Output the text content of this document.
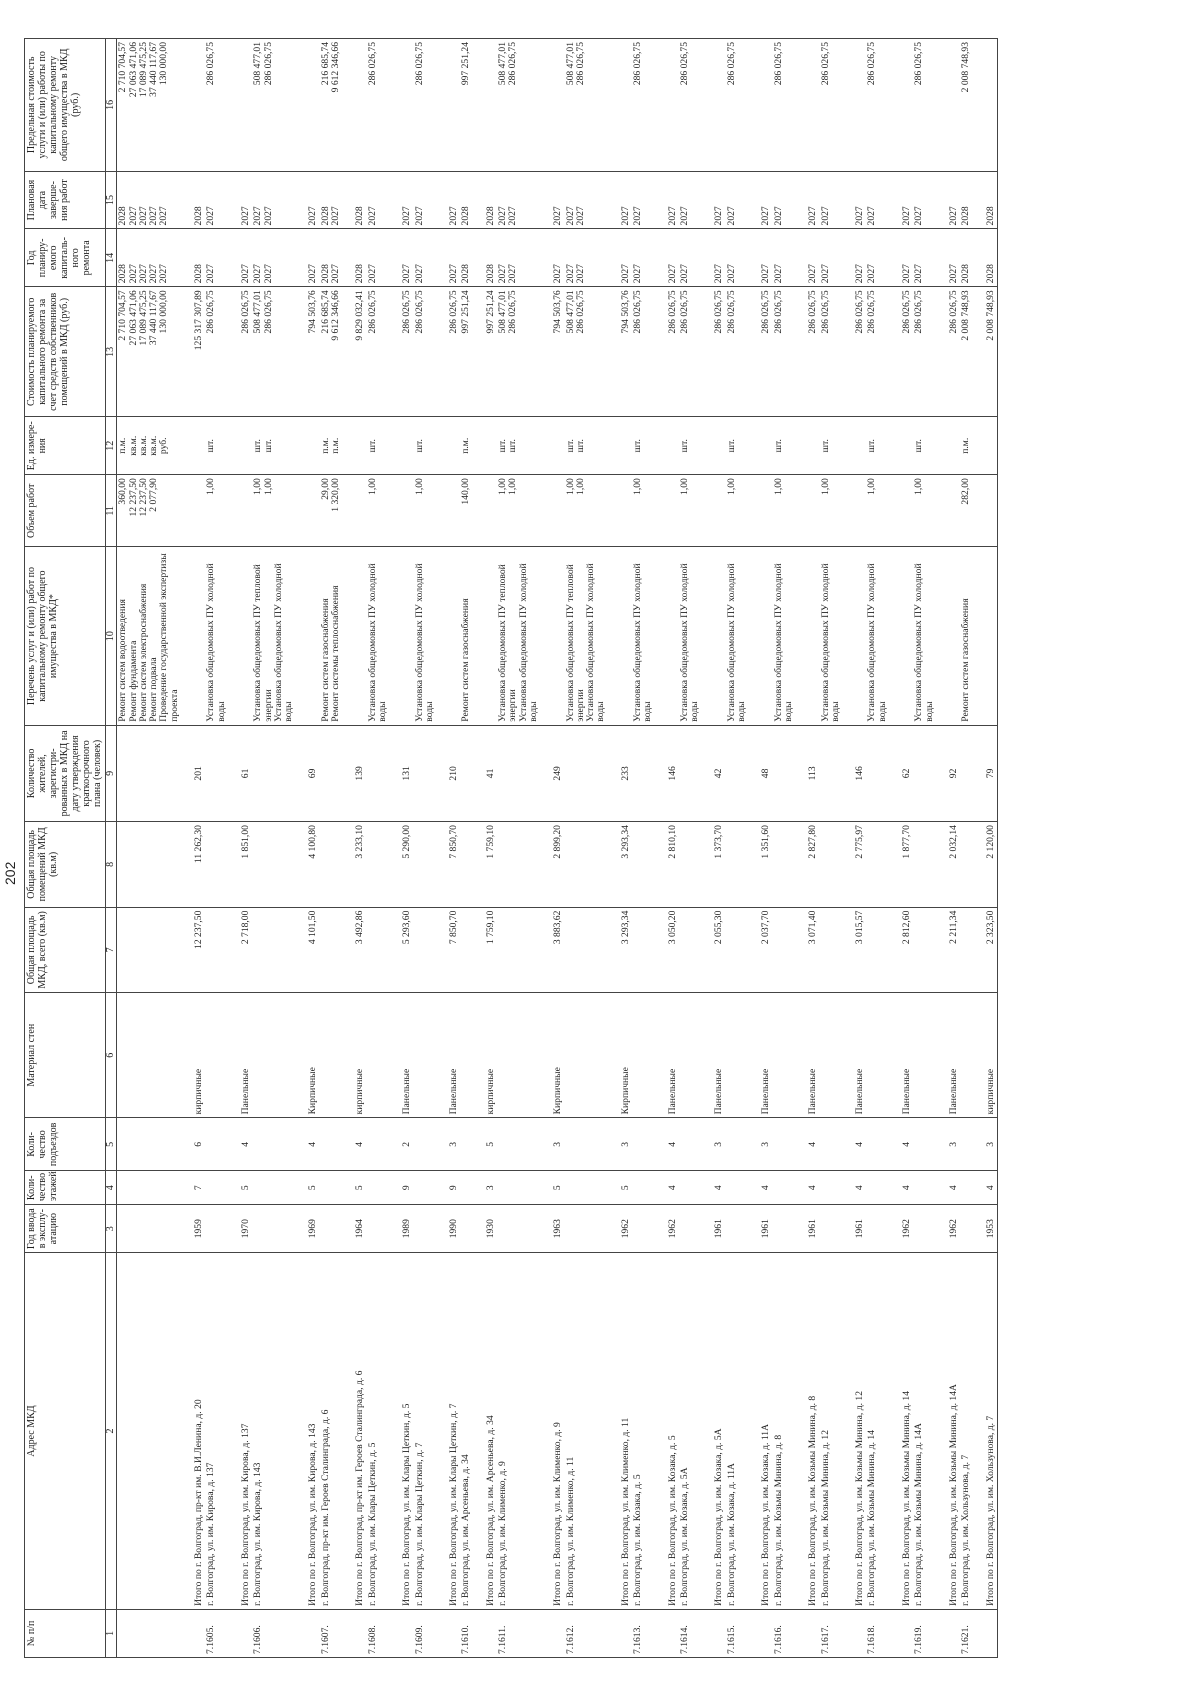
202
№ п/п	Адрес МКД	Год ввода в эксплу-атацию	Коли-чество этажей	Коли-чество подъездов	Материал стен	Общая площадь МКД, всего (кв.м)	Общая площадь помещений МКД (кв.м)	Количество жителей, зарегистри-рованных в МКД на дату утверждения краткосрочного плана (человек)	Перечень услуг и (или) работ по капитальному ремонту общего имущества в МКД*	Объем работ	Ед. измере-ния	Стоимость планируемого капитального ремонта за счет средств собственников помещений в МКД (руб.)	Год планиру-емого капиталь-ного ремонта	Плановая дата заверше-ния работ	Предельная стоимость услуги и (или) работы по капитальному ремонту общего имущества в МКД (руб.)
1	2	3	4	5	6	7	8	9	10	11	12	13	14	15	16

									Ремонт систем водоотведения Ремонт фундамента Ремонт систем электроснабжения Ремонт подвала Проведение государственной экспертизы проекта	360,00 12 237,50 12 237,50 2 077,90	п.м. кв.м. кв.м. кв.м. руб.	2 710 704,57 27 063 471,06 17 089 475,25 37 440 117,67 130 000,00	2028 2027 2027 2027 2027	2028 2027 2027 2027 2027	2 710 704,57 27 063 471,06 17 089 475,25 37 440 117,67 130 000,00

	Итого по г. Волгоград, пр-кт им. В.И.Ленина, д. 20	1959	7	6	кирпичные	12 237,50	11 262,30	201				125 317 307,89	2028	2028	

7.1605.	г. Волгоград, ул. им. Кирова, д. 137								Установка общедомовых ПУ холодной воды	1,00	шт.	286 026,75	2027	2027	286 026,75

	Итого по г. Волгоград, ул. им. Кирова, д. 137	1970	5	4	Панельные	2 718,00	1 851,00	61				286 026,75	2027	2027	

7.1606.	г. Волгоград, ул. им. Кирова, д. 143								Установка общедомовых ПУ тепловой энергии Установка общедомовых ПУ холодной воды	1,00 1,00	шт. шт.	508 477,01 286 026,75	2027 2027	2027 2027	508 477,01 286 026,75

	Итого по г. Волгоград, ул. им. Кирова, д. 143	1969	5	4	Кирпичные	4 101,50	4 100,80	69				794 503,76	2027	2027	

7.1607.	г. Волгоград, пр-кт им. Героев Сталинграда, д. 6								Ремонт систем газоснабжения Ремонт системы теплоснабжения	29,00 1 320,00	п.м. п.м.	216 685,74 9 612 346,66	2028 2027	2028 2027	216 685,74 9 612 346,66

	Итого по г. Волгоград, пр-кт им. Героев Сталинграда, д. 6	1964	5	4	кирпичные	3 492,86	3 233,10	139				9 829 032,41	2028	2028	

7.1608.	г. Волгоград, ул. им. Клары Цеткин, д. 5								Установка общедомовых ПУ холодной воды	1,00	шт.	286 026,75	2027	2027	286 026,75

	Итого по г. Волгоград, ул. им. Клары Цеткин, д. 5	1989	9	2	Панельные	5 293,60	5 290,00	131				286 026,75	2027	2027	

7.1609.	г. Волгоград, ул. им. Клары Цеткин, д. 7								Установка общедомовых ПУ холодной воды	1,00	шт.	286 026,75	2027	2027	286 026,75

	Итого по г. Волгоград, ул. им. Клары Цеткин, д. 7	1990	9	3	Панельные	7 850,70	7 850,70	210				286 026,75	2027	2027	

7.1610.	г. Волгоград, ул. им. Арсеньева, д. 34								Ремонт систем газоснабжения	140,00	п.м.	997 251,24	2028	2028	997 251,24

	Итого по г. Волгоград, ул. им. Арсеньева, д. 34	1930	3	5	кирпичные	1 759,10	1 759,10	41				997 251,24	2028	2028	

7.1611.	г. Волгоград, ул. им. Клименко, д. 9								Установка общедомовых ПУ тепловой энергии Установка общедомовых ПУ холодной воды	1,00 1,00	шт. шт.	508 477,01 286 026,75	2027 2027	2027 2027	508 477,01 286 026,75

	Итого по г. Волгоград, ул. им. Клименко, д. 9	1963	5	3	Кирпичные	3 883,62	2 899,20	249				794 503,76	2027	2027	

7.1612.	г. Волгоград, ул. им. Клименко, д. 11								Установка общедомовых ПУ тепловой энергии Установка общедомовых ПУ холодной воды	1,00 1,00	шт. шт.	508 477,01 286 026,75	2027 2027	2027 2027	508 477,01 286 026,75

	Итого по г. Волгоград, ул. им. Клименко, д. 11	1962	5	3	Кирпичные	3 293,34	3 293,34	233				794 503,76	2027	2027	

7.1613.	г. Волгоград, ул. им. Козака, д. 5								Установка общедомовых ПУ холодной воды	1,00	шт.	286 026,75	2027	2027	286 026,75

	Итого по г. Волгоград, ул. им. Козака, д. 5	1962	4	4	Панельные	3 050,20	2 810,10	146				286 026,75	2027	2027	

7.1614.	г. Волгоград, ул. им. Козака, д. 5А								Установка общедомовых ПУ холодной воды	1,00	шт.	286 026,75	2027	2027	286 026,75

	Итого по г. Волгоград, ул. им. Козака, д. 5А	1961	4	3	Панельные	2 055,30	1 373,70	42				286 026,75	2027	2027	

7.1615.	г. Волгоград, ул. им. Козака, д. 11А								Установка общедомовых ПУ холодной воды	1,00	шт.	286 026,75	2027	2027	286 026,75

	Итого по г. Волгоград, ул. им. Козака, д. 11А	1961	4	3	Панельные	2 037,70	1 351,60	48				286 026,75	2027	2027	

7.1616.	г. Волгоград, ул. им. Козьмы Минина, д. 8								Установка общедомовых ПУ холодной воды	1,00	шт.	286 026,75	2027	2027	286 026,75

	Итого по г. Волгоград, ул. им. Козьмы Минина, д. 8	1961	4	4	Панельные	3 071,40	2 827,80	113				286 026,75	2027	2027	

7.1617.	г. Волгоград, ул. им. Козьмы Минина, д. 12								Установка общедомовых ПУ холодной воды	1,00	шт.	286 026,75	2027	2027	286 026,75

	Итого по г. Волгоград, ул. им. Козьмы Минина, д. 12	1961	4	4	Панельные	3 015,57	2 775,97	146				286 026,75	2027	2027	

7.1618.	г. Волгоград, ул. им. Козьмы Минина, д. 14								Установка общедомовых ПУ холодной воды	1,00	шт.	286 026,75	2027	2027	286 026,75

	Итого по г. Волгоград, ул. им. Козьмы Минина, д. 14	1962	4	4	Панельные	2 812,60	1 877,70	62				286 026,75	2027	2027	

7.1619.	г. Волгоград, ул. им. Козьмы Минина, д. 14А								Установка общедомовых ПУ холодной воды	1,00	шт.	286 026,75	2027	2027	286 026,75

	Итого по г. Волгоград, ул. им. Козьмы Минина, д. 14А	1962	4	3	Панельные	2 211,34	2 032,14	92				286 026,75	2027	2027	

7.1621.	г. Волгоград, ул. им. Хользунова, д. 7								Ремонт систем газоснабжения	282,00	п.м.	2 008 748,93	2028	2028	2 008 748,93

	Итого по г. Волгоград, ул. им. Хользунова, д. 7	1953	4	3	кирпичные	2 323,50	2 120,00	79				2 008 748,93	2028	2028	
